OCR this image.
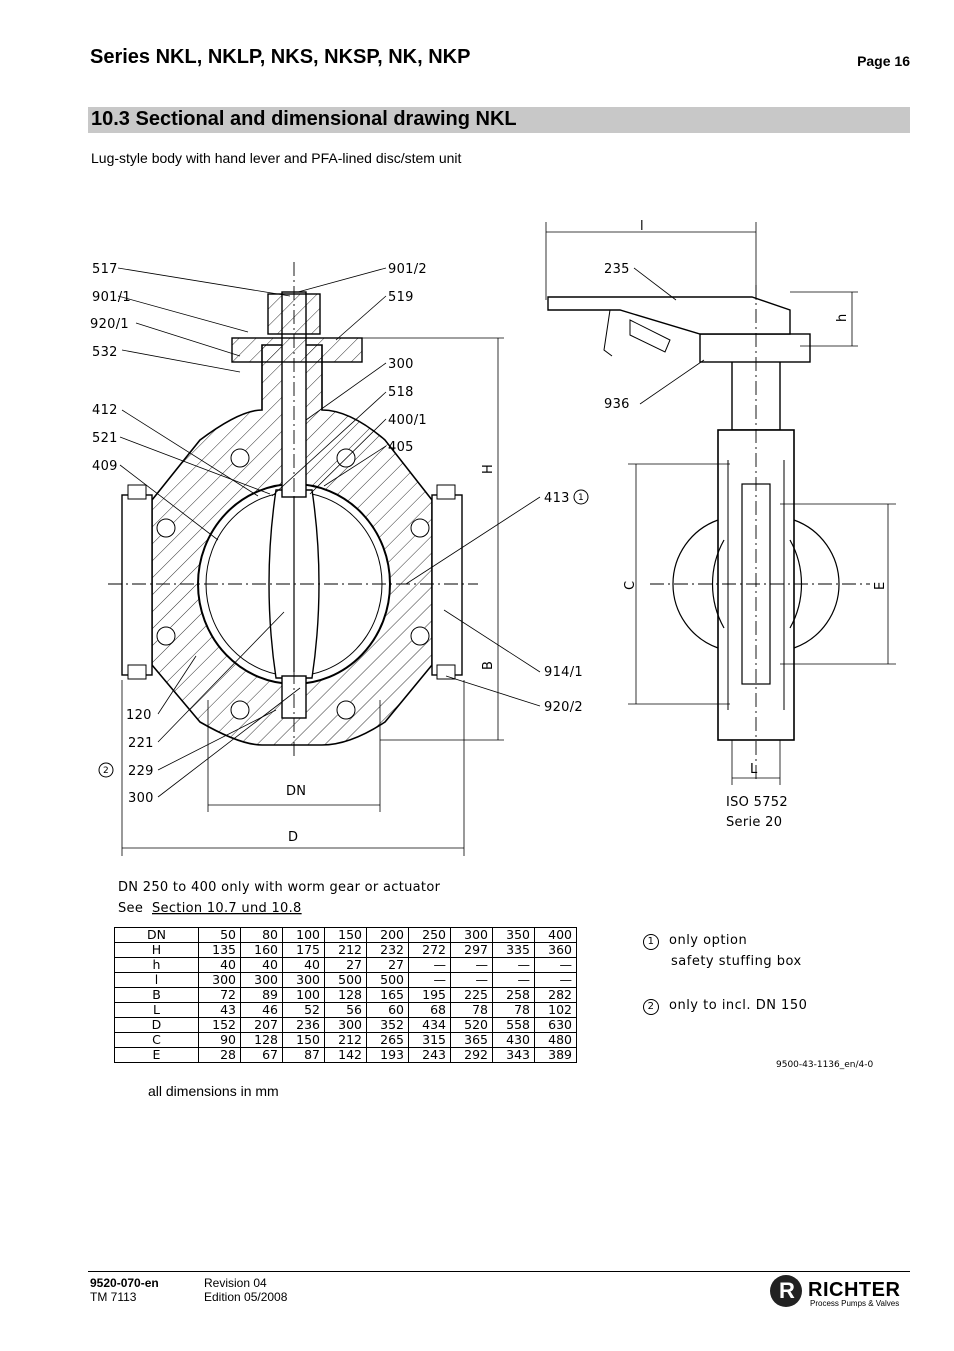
Series NKL, NKLP, NKS, NKSP, NK, NKP	Page 16
10.3 Sectional and dimensional drawing NKL
Lug-style body with hand lever and PFA-lined disc/stem unit
517
901/1
920/1
532
412
521
409
120
221
229
300
901/2
519
300
518
400/1
405
413
914/1
920/2
936
235
l
DN
D
L
ISO 5752
Serie 20
DN 250 to 400 only with worm gear or actuator
See Section 10.7 und 10.8
H
B
h
C	E
1
2
9500-43-1136_en/4-0
DN	50	80	100	150	200	250	300	350	400
H	135	160	175	212	232	272	297	335	360
h	40	40	40	27	27	—	—	—	—
l	300	300	300	500	500	—	—	—	—
B	72	89	100	128	165	195	225	258	282
L	43	46	52	56	60	68	78	78	102
D	152	207	236	300	352	434	520	558	630
C	90	128	150	212	265	315	365	430	480
E	28	67	87	142	193	243	292	343	389
all dimensions in mm
1 only option
safety stuffing box
2 only to incl. DN 150
9520-070-en
TM 7113
Revision 04
Edition 05/2008	R RICHTER
Process Pumps & Valves
